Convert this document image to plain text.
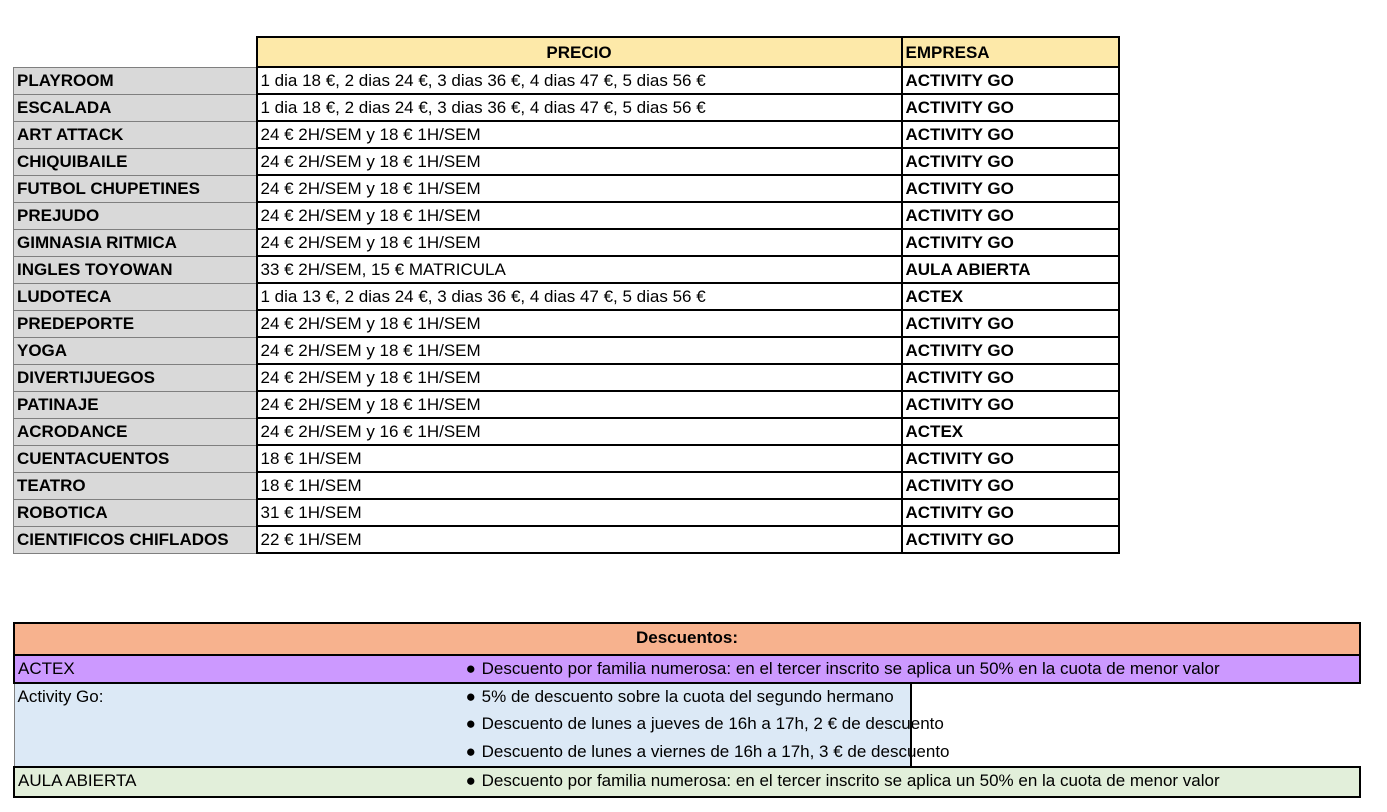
	PRECIO	EMPRESA
PLAYROOM	1 dia 18 €, 2 dias 24 €, 3 dias 36 €, 4 dias 47 €, 5 dias 56 €	ACTIVITY GO
ESCALADA	1 dia 18 €, 2 dias 24 €, 3 dias 36 €, 4 dias 47 €, 5 dias 56 €	ACTIVITY GO
ART ATTACK	24 € 2H/SEM y 18 € 1H/SEM	ACTIVITY GO
CHIQUIBAILE	24 € 2H/SEM y 18 € 1H/SEM	ACTIVITY GO
FUTBOL CHUPETINES	24 € 2H/SEM y 18 € 1H/SEM	ACTIVITY GO
PREJUDO	24 € 2H/SEM y 18 € 1H/SEM	ACTIVITY GO
GIMNASIA RITMICA	24 € 2H/SEM y 18 € 1H/SEM	ACTIVITY GO
INGLES TOYOWAN	33 € 2H/SEM, 15 € MATRICULA	AULA ABIERTA
LUDOTECA	1 dia 13 €, 2 dias 24 €, 3 dias 36 €, 4 dias 47 €, 5 dias 56 €	ACTEX
PREDEPORTE	24 € 2H/SEM y 18 € 1H/SEM	ACTIVITY GO
YOGA	24 € 2H/SEM y 18 € 1H/SEM	ACTIVITY GO
DIVERTIJUEGOS	24 € 2H/SEM y 18 € 1H/SEM	ACTIVITY GO
PATINAJE	24 € 2H/SEM y 18 € 1H/SEM	ACTIVITY GO
ACRODANCE	24 € 2H/SEM y 16 € 1H/SEM	ACTEX
CUENTACUENTOS	18 € 1H/SEM	ACTIVITY GO
TEATRO	18 € 1H/SEM	ACTIVITY GO
ROBOTICA	31 € 1H/SEM	ACTIVITY GO
CIENTIFICOS CHIFLADOS	22 € 1H/SEM	ACTIVITY GO
Descuentos:		
ACTEX	● Descuento por familia numerosa: en el tercer inscrito se aplica un 50% en la cuota de menor valor	
Activity Go:	● 5% de descuento sobre la cuota del segundo hermano	
	● Descuento de lunes a jueves de 16h a 17h, 2 € de descuento	
	● Descuento de lunes a viernes de 16h a 17h, 3 € de descuento	
AULA ABIERTA	● Descuento por familia numerosa: en el tercer inscrito se aplica un 50% en la cuota de menor valor	
